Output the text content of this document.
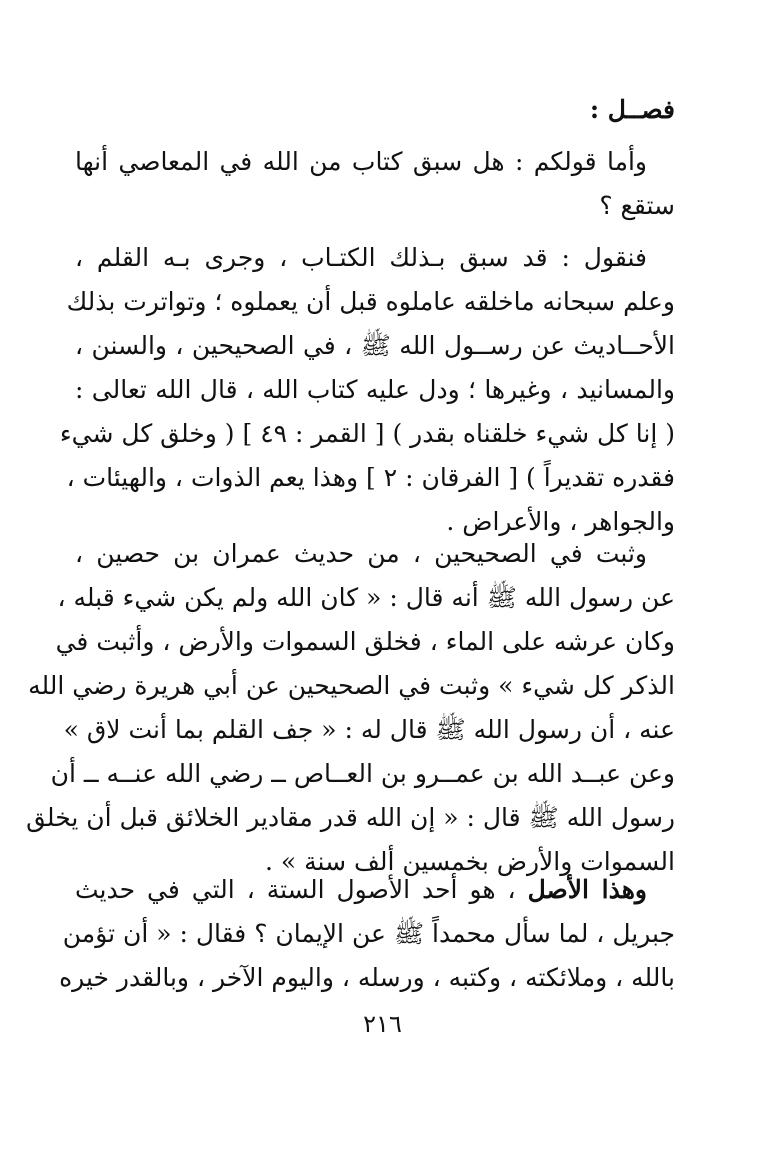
فصــل :
وأما قولكم : هل سبق كتاب من الله في المعاصي أنها
ستقع ؟
فنقول : قد سبق بـذلك الكتـاب ، وجرى بـه القلم ،
وعلم سبحانه ماخلقه عاملوه قبل أن يعملوه ؛ وتواترت بذلك
الأحــاديث عن رســول الله ﷺ ، في الصحيحين ، والسنن ،
والمسانيد ، وغيرها ؛ ودل عليه كتاب الله ، قال الله تعالى :
( إنا كل شيء خلقناه بقدر ) [ القمر : ٤٩ ] ( وخلق كل شيء
فقدره تقديراً ) [ الفرقان : ٢ ] وهذا يعم الذوات ، والهيئات ،
والجواهر ، والأعراض .
وثبت في الصحيحين ، من حديث عمران بن حصين ،
عن رسول الله ﷺ أنه قال : « كان الله ولم يكن شيء قبله ،
وكان عرشه على الماء ، فخلق السموات والأرض ، وأثبت في
الذكر كل شيء » وثبت في الصحيحين عن أبي هريرة رضي الله
عنه ، أن رسول الله ﷺ قال له : « جف القلم بما أنت لاق »
وعن عبــد الله بن عمــرو بن العــاص ــ رضي الله عنــه ــ أن
رسول الله ﷺ قال : « إن الله قدر مقادير الخلائق قبل أن يخلق
السموات والأرض بخمسين ألف سنة » .
وهذا الأصل ، هو أحد الأصول الستة ، التي في حديث
جبريل ، لما سأل محمداً ﷺ عن الإيمان ؟ فقال : « أن تؤمن
بالله ، وملائكته ، وكتبه ، ورسله ، واليوم الآخر ، وبالقدر خيره
٢١٦
